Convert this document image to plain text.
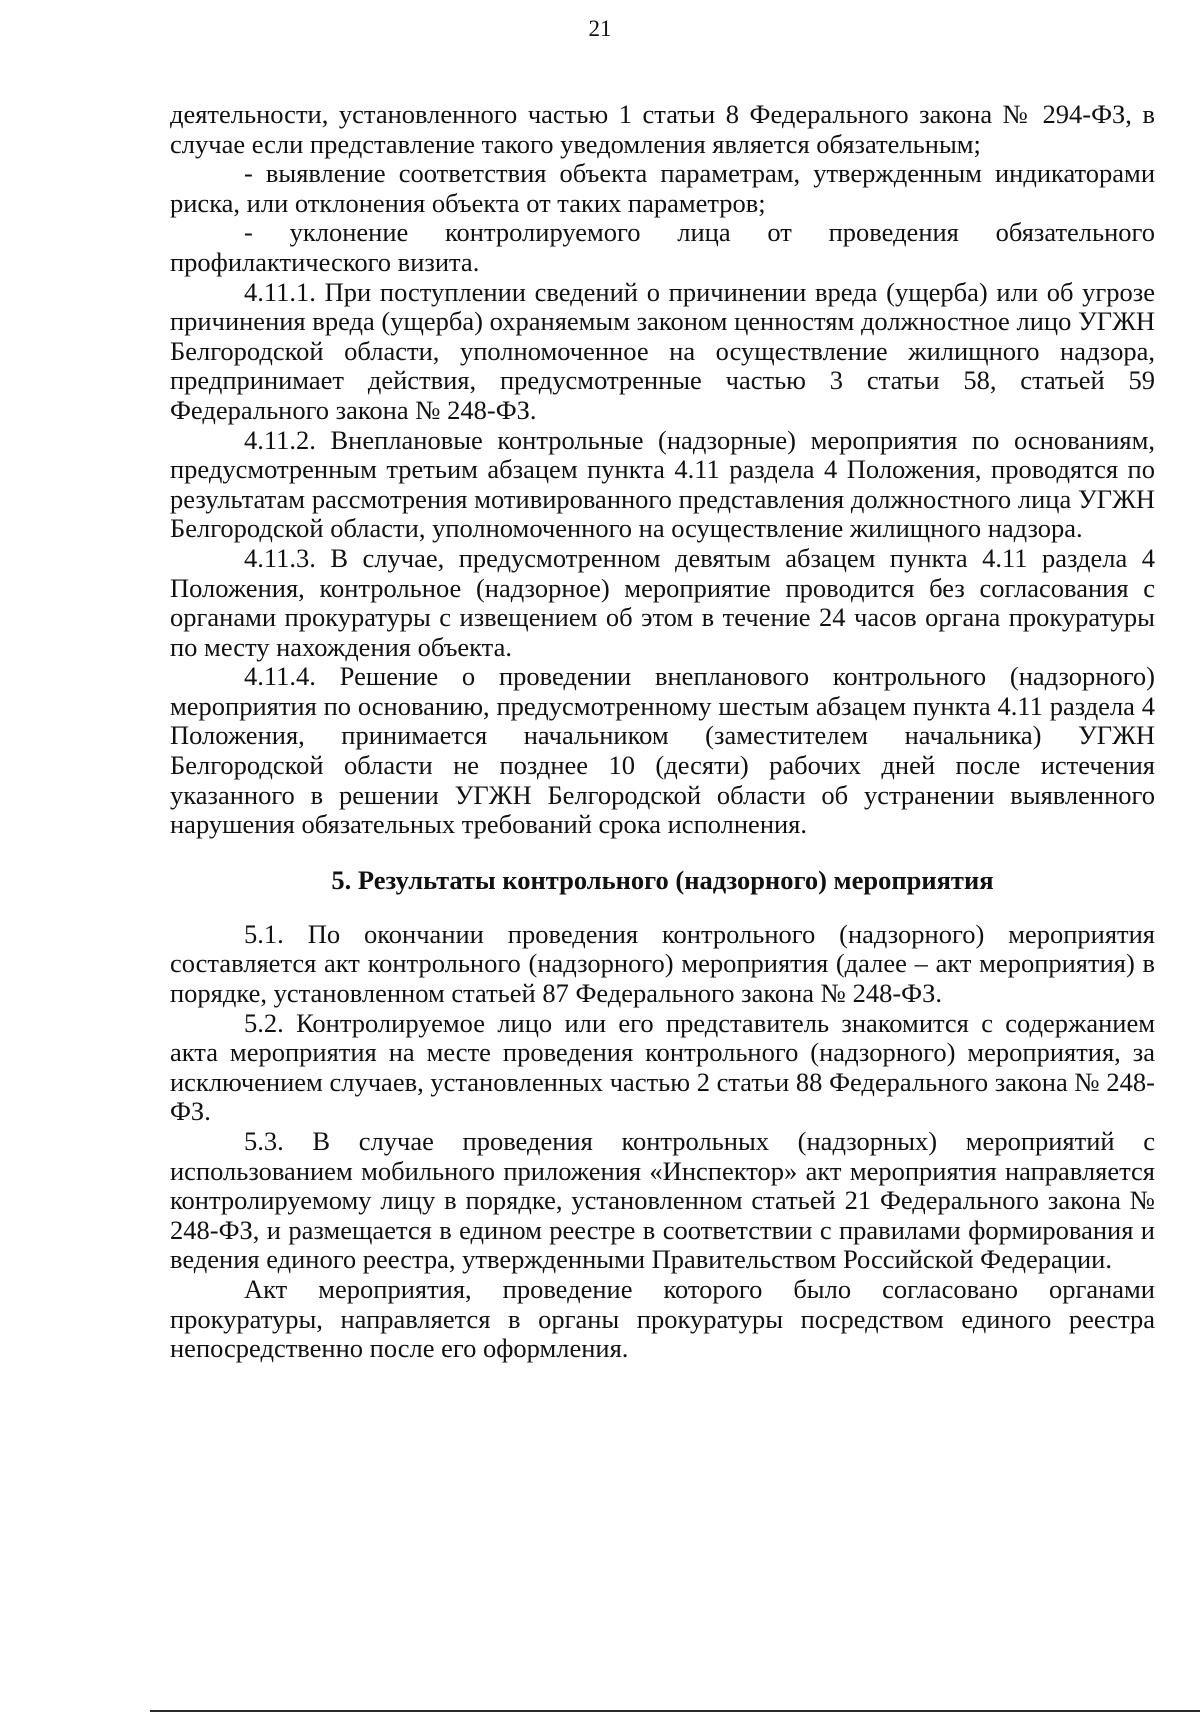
21

деятельности, установленного частью 1 статьи 8 Федерального закона № 294-ФЗ, в случае если представление такого уведомления является обязательным;

- выявление соответствия объекта параметрам, утвержденным индикаторами риска, или отклонения объекта от таких параметров;

- уклонение контролируемого лица от проведения обязательного профилактического визита.

4.11.1. При поступлении сведений о причинении вреда (ущерба) или об угрозе причинения вреда (ущерба) охраняемым законом ценностям должностное лицо УГЖН Белгородской области, уполномоченное на осуществление жилищного надзора, предпринимает действия, предусмотренные частью 3 статьи 58, статьей 59 Федерального закона № 248-ФЗ.

4.11.2. Внеплановые контрольные (надзорные) мероприятия по основаниям, предусмотренным третьим абзацем пункта 4.11 раздела 4 Положения, проводятся по результатам рассмотрения мотивированного представления должностного лица УГЖН Белгородской области, уполномоченного на осуществление жилищного надзора.

4.11.3. В случае, предусмотренном девятым абзацем пункта 4.11 раздела 4 Положения, контрольное (надзорное) мероприятие проводится без согласования с органами прокуратуры с извещением об этом в течение 24 часов органа прокуратуры по месту нахождения объекта.

4.11.4. Решение о проведении внепланового контрольного (надзорного) мероприятия по основанию, предусмотренному шестым абзацем пункта 4.11 раздела 4 Положения, принимается начальником (заместителем начальника) УГЖН Белгородской области не позднее 10 (десяти) рабочих дней после истечения указанного в решении УГЖН Белгородской области об устранении выявленного нарушения обязательных требований срока исполнения.

5. Результаты контрольного (надзорного) мероприятия

5.1. По окончании проведения контрольного (надзорного) мероприятия составляется акт контрольного (надзорного) мероприятия (далее – акт мероприятия) в порядке, установленном статьей 87 Федерального закона № 248-ФЗ.

5.2. Контролируемое лицо или его представитель знакомится с содержанием акта мероприятия на месте проведения контрольного (надзорного) мероприятия, за исключением случаев, установленных частью 2 статьи 88 Федерального закона № 248-ФЗ.

5.3. В случае проведения контрольных (надзорных) мероприятий с использованием мобильного приложения «Инспектор» акт мероприятия направляется контролируемому лицу в порядке, установленном статьей 21 Федерального закона № 248-ФЗ, и размещается в едином реестре в соответствии с правилами формирования и ведения единого реестра, утвержденными Правительством Российской Федерации.

Акт мероприятия, проведение которого было согласовано органами прокуратуры, направляется в органы прокуратуры посредством единого реестра непосредственно после его оформления.
